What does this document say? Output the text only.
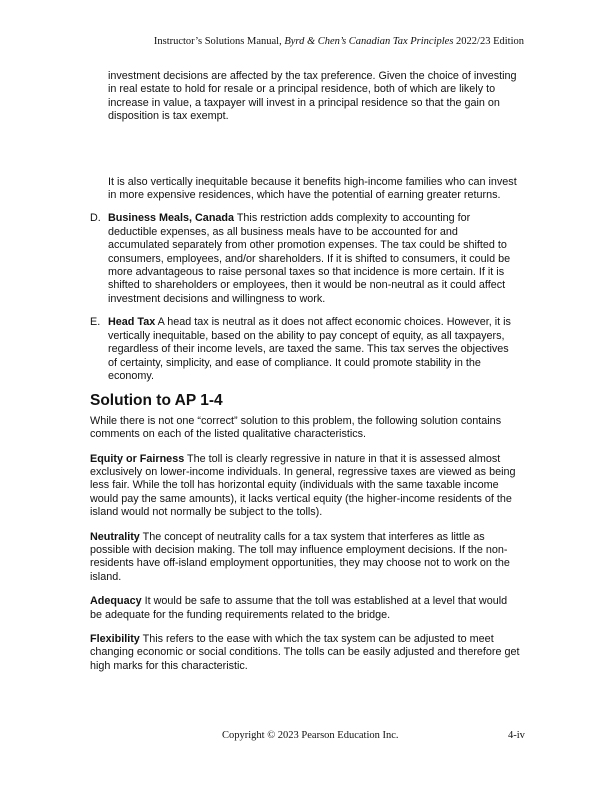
Instructor’s Solutions Manual, Byrd & Chen’s Canadian Tax Principles 2022/23 Edition

investment decisions are affected by the tax preference. Given the choice of investing in real estate to hold for resale or a principal residence, both of which are likely to increase in value, a taxpayer will invest in a principal residence so that the gain on disposition is tax exempt.

It is also vertically inequitable because it benefits high-income families who can invest in more expensive residences, which have the potential of earning greater returns.

D. Business Meals, Canada This restriction adds complexity to accounting for deductible expenses, as all business meals have to be accounted for and accumulated separately from other promotion expenses. The tax could be shifted to consumers, employees, and/or shareholders. If it is shifted to consumers, it could be more advantageous to raise personal taxes so that incidence is more certain. If it is shifted to shareholders or employees, then it would be non-neutral as it could affect investment decisions and willingness to work.

E. Head Tax A head tax is neutral as it does not affect economic choices. However, it is vertically inequitable, based on the ability to pay concept of equity, as all taxpayers, regardless of their income levels, are taxed the same. This tax serves the objectives of certainty, simplicity, and ease of compliance. It could promote stability in the economy.

Solution to AP 1-4

While there is not one “correct” solution to this problem, the following solution contains comments on each of the listed qualitative characteristics.

Equity or Fairness The toll is clearly regressive in nature in that it is assessed almost exclusively on lower-income individuals. In general, regressive taxes are viewed as being less fair. While the toll has horizontal equity (individuals with the same taxable income would pay the same amounts), it lacks vertical equity (the higher-income residents of the island would not normally be subject to the tolls).

Neutrality The concept of neutrality calls for a tax system that interferes as little as possible with decision making. The toll may influence employment decisions. If the non-residents have off-island employment opportunities, they may choose not to work on the island.

Adequacy It would be safe to assume that the toll was established at a level that would be adequate for the funding requirements related to the bridge.

Flexibility This refers to the ease with which the tax system can be adjusted to meet changing economic or social conditions. The tolls can be easily adjusted and therefore get high marks for this characteristic.

Copyright © 2023 Pearson Education Inc.	4-iv
